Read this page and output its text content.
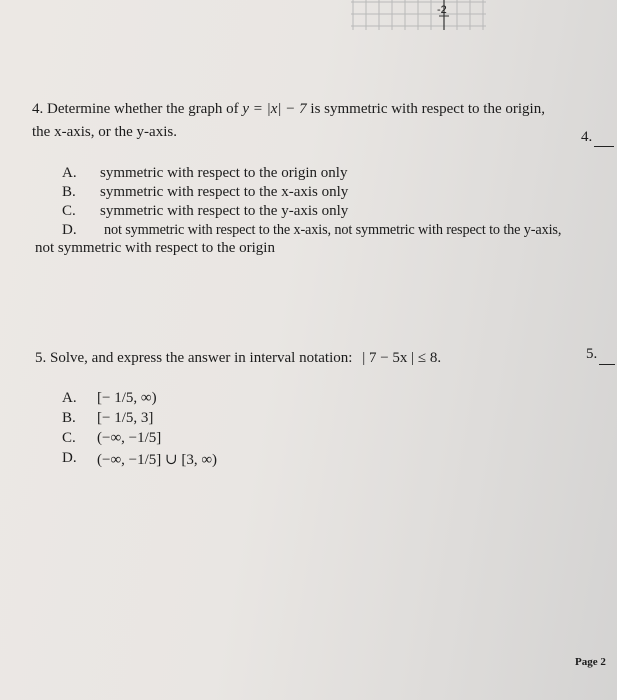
-2
4. Determine whether the graph of y = |x| − 7 is symmetric with respect to the origin,
the x-axis, or the y-axis.	4.
A. symmetric with respect to the origin only
B. symmetric with respect to the x-axis only
C. symmetric with respect to the y-axis only
D. not symmetric with respect to the x-axis, not symmetric with respect to the y-axis,
not symmetric with respect to the origin
5. Solve, and express the answer in interval notation: | 7 − 5x | ≤ 8.	5.
A. [− 1/5, ∞)
B. [− 1/5, 3]
C. (−∞, −1/5]
D. (−∞, −1/5] ∪ [3, ∞)
Page 2
